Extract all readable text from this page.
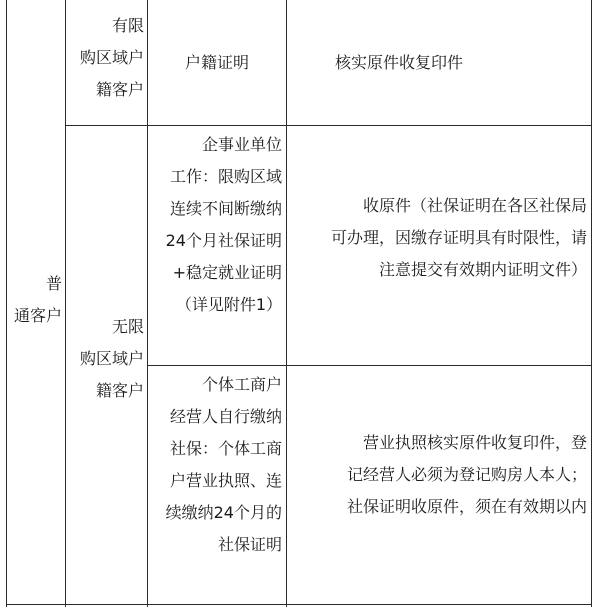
普
通客户
有限
购区域户
籍客户
户籍证明	核实原件收复印件
无限
购区域户
籍客户
企事业单位
工作：限购区域
连续不间断缴纳
24个月社保证明
+稳定就业证明
（详见附件1）
收原件（社保证明在各区社保局
可办理，因缴存证明具有时限性，请
注意提交有效期内证明文件）
个体工商户
经营人自行缴纳
社保：个体工商
户营业执照、连
续缴纳24个月的
社保证明
营业执照核实原件收复印件，登
记经营人必须为登记购房人本人；
社保证明收原件，须在有效期以内
